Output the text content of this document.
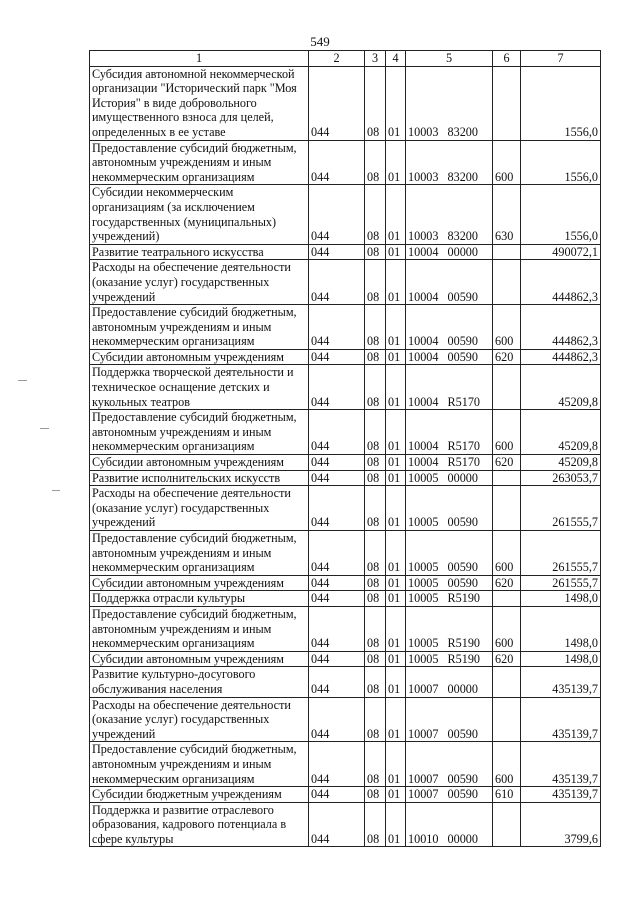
549
1	2	3	4	5	6	7
Субсидия автономной некоммерческой организации "Исторический парк "Моя История" в виде добровольного имущественного взноса для целей, определенных в ее уставе	044	08	01	10003 83200		1556,0
Предоставление субсидий бюджетным, автономным учреждениям и иным некоммерческим организациям	044	08	01	10003 83200	600	1556,0
Субсидии некоммерческим организациям (за исключением государственных (муниципальных) учреждений)	044	08	01	10003 83200	630	1556,0
Развитие театрального искусства	044	08	01	10004 00000		490072,1
Расходы на обеспечение деятельности (оказание услуг) государственных учреждений	044	08	01	10004 00590		444862,3
Предоставление субсидий бюджетным, автономным учреждениям и иным некоммерческим организациям	044	08	01	10004 00590	600	444862,3
Субсидии автономным учреждениям	044	08	01	10004 00590	620	444862,3
Поддержка творческой деятельности и техническое оснащение детских и кукольных театров	044	08	01	10004 R5170		45209,8
Предоставление субсидий бюджетным, автономным учреждениям и иным некоммерческим организациям	044	08	01	10004 R5170	600	45209,8
Субсидии автономным учреждениям	044	08	01	10004 R5170	620	45209,8
Развитие исполнительских искусств	044	08	01	10005 00000		263053,7
Расходы на обеспечение деятельности (оказание услуг) государственных учреждений	044	08	01	10005 00590		261555,7
Предоставление субсидий бюджетным, автономным учреждениям и иным некоммерческим организациям	044	08	01	10005 00590	600	261555,7
Субсидии автономным учреждениям	044	08	01	10005 00590	620	261555,7
Поддержка отрасли культуры	044	08	01	10005 R5190		1498,0
Предоставление субсидий бюджетным, автономным учреждениям и иным некоммерческим организациям	044	08	01	10005 R5190	600	1498,0
Субсидии автономным учреждениям	044	08	01	10005 R5190	620	1498,0
Развитие культурно-досугового обслуживания населения	044	08	01	10007 00000		435139,7
Расходы на обеспечение деятельности (оказание услуг) государственных учреждений	044	08	01	10007 00590		435139,7
Предоставление субсидий бюджетным, автономным учреждениям и иным некоммерческим организациям	044	08	01	10007 00590	600	435139,7
Субсидии бюджетным учреждениям	044	08	01	10007 00590	610	435139,7
Поддержка и развитие отраслевого образования, кадрового потенциала в сфере культуры	044	08	01	10010 00000		3799,6
